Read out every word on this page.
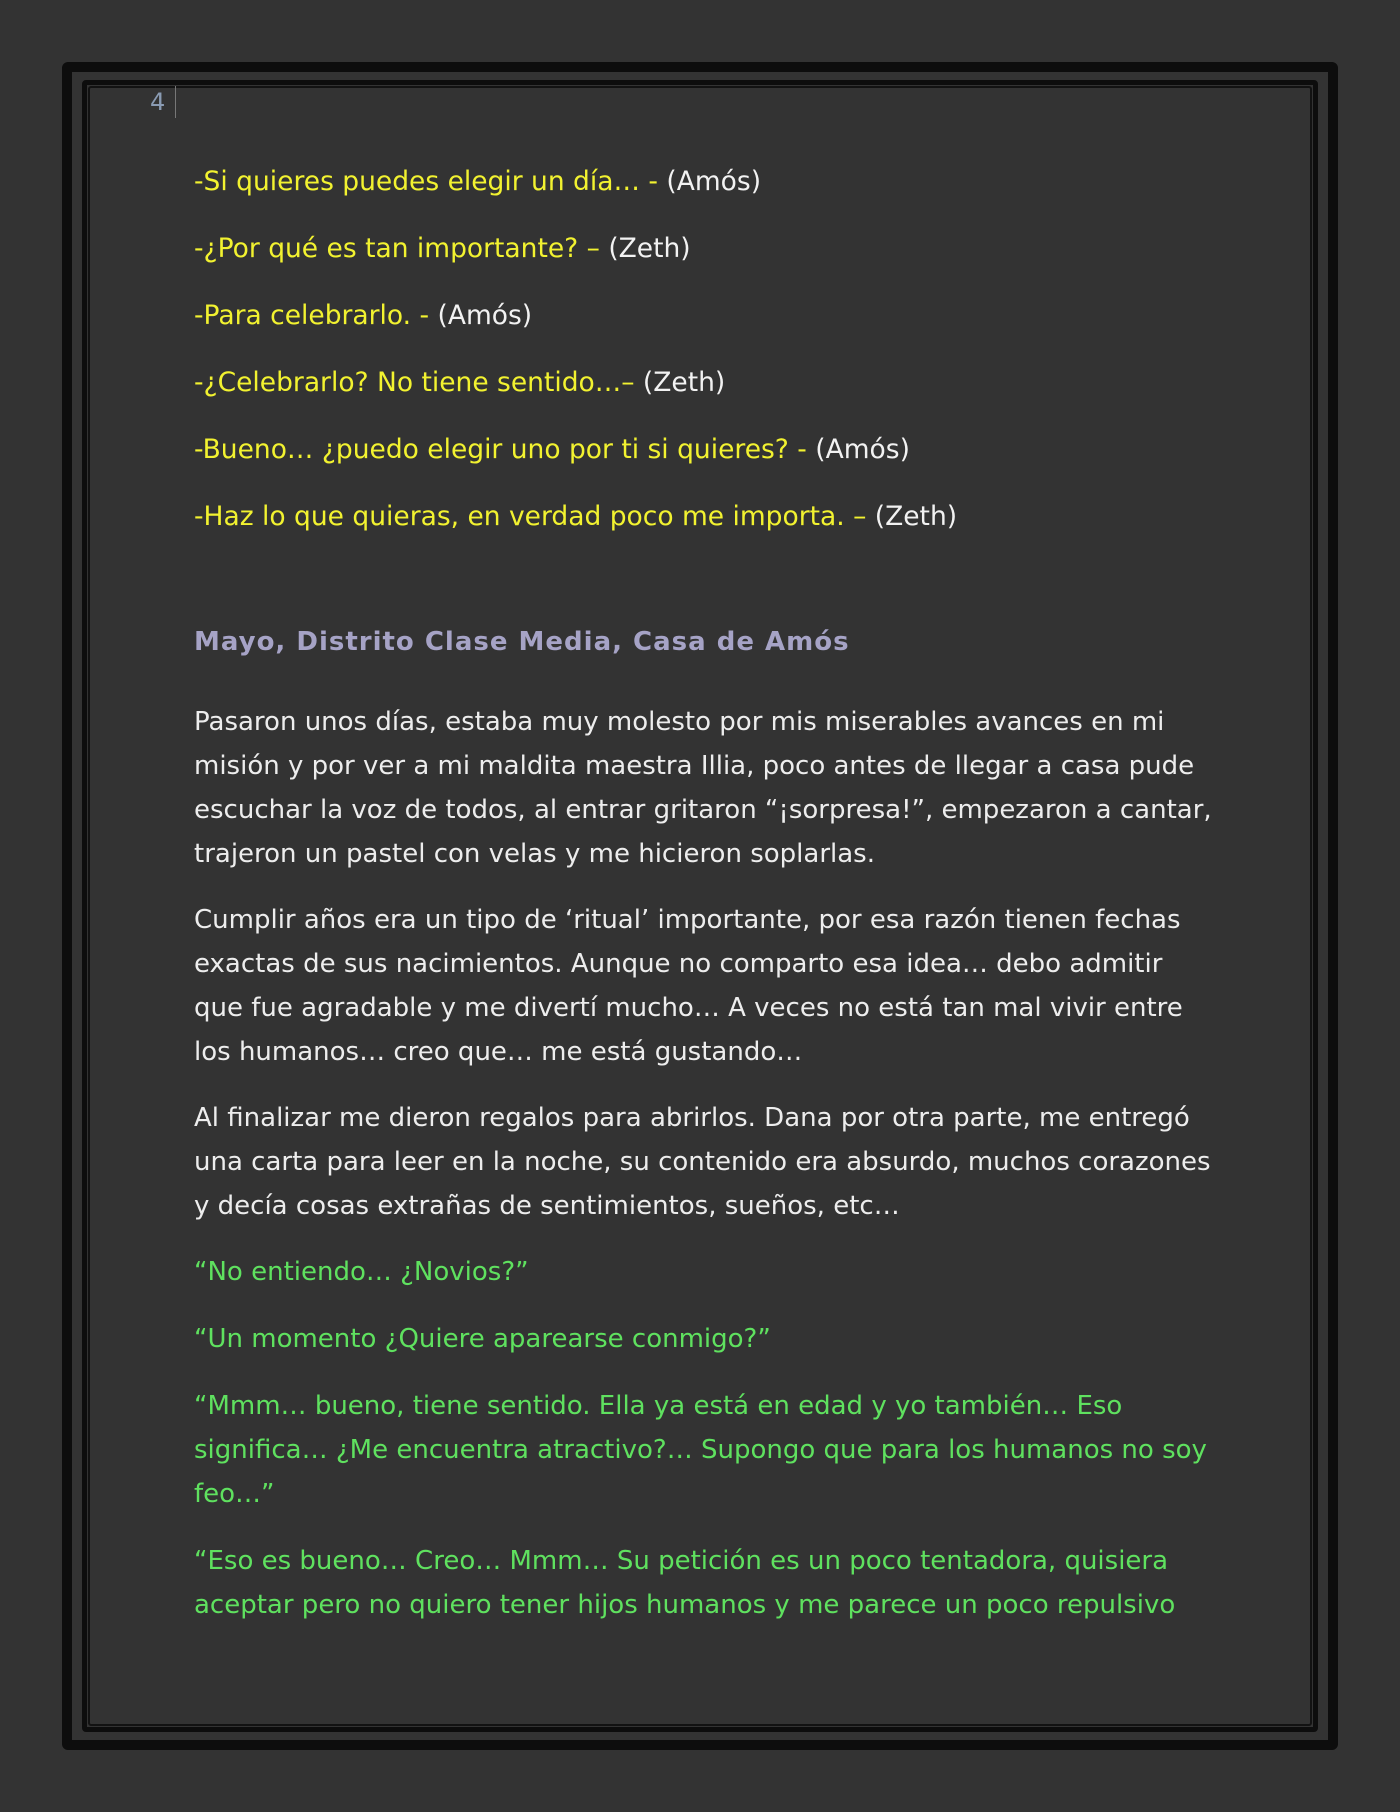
4

-Si quieres puedes elegir un día… - (Amós)

-¿Por qué es tan importante? – (Zeth)

-Para celebrarlo. - (Amós)

-¿Celebrarlo? No tiene sentido…– (Zeth)

-Bueno… ¿puedo elegir uno por ti si quieres? - (Amós)

-Haz lo que quieras, en verdad poco me importa. – (Zeth)

Mayo, Distrito Clase Media, Casa de Amós

Pasaron unos días, estaba muy molesto por mis miserables avances en mi misión y por ver a mi maldita maestra Illia, poco antes de llegar a casa pude escuchar la voz de todos, al entrar gritaron “¡sorpresa!”, empezaron a cantar, trajeron un pastel con velas y me hicieron soplarlas.

Cumplir años era un tipo de ‘ritual’ importante, por esa razón tienen fechas exactas de sus nacimientos. Aunque no comparto esa idea… debo admitir que fue agradable y me divertí mucho… A veces no está tan mal vivir entre los humanos… creo que… me está gustando…

Al finalizar me dieron regalos para abrirlos. Dana por otra parte, me entregó una carta para leer en la noche, su contenido era absurdo, muchos corazones y decía cosas extrañas de sentimientos, sueños, etc…

“No entiendo… ¿Novios?”

“Un momento ¿Quiere aparearse conmigo?”

“Mmm… bueno, tiene sentido. Ella ya está en edad y yo también… Eso significa… ¿Me encuentra atractivo?… Supongo que para los humanos no soy feo…”

“Eso es bueno… Creo… Mmm… Su petición es un poco tentadora, quisiera aceptar pero no quiero tener hijos humanos y me parece un poco repulsivo
